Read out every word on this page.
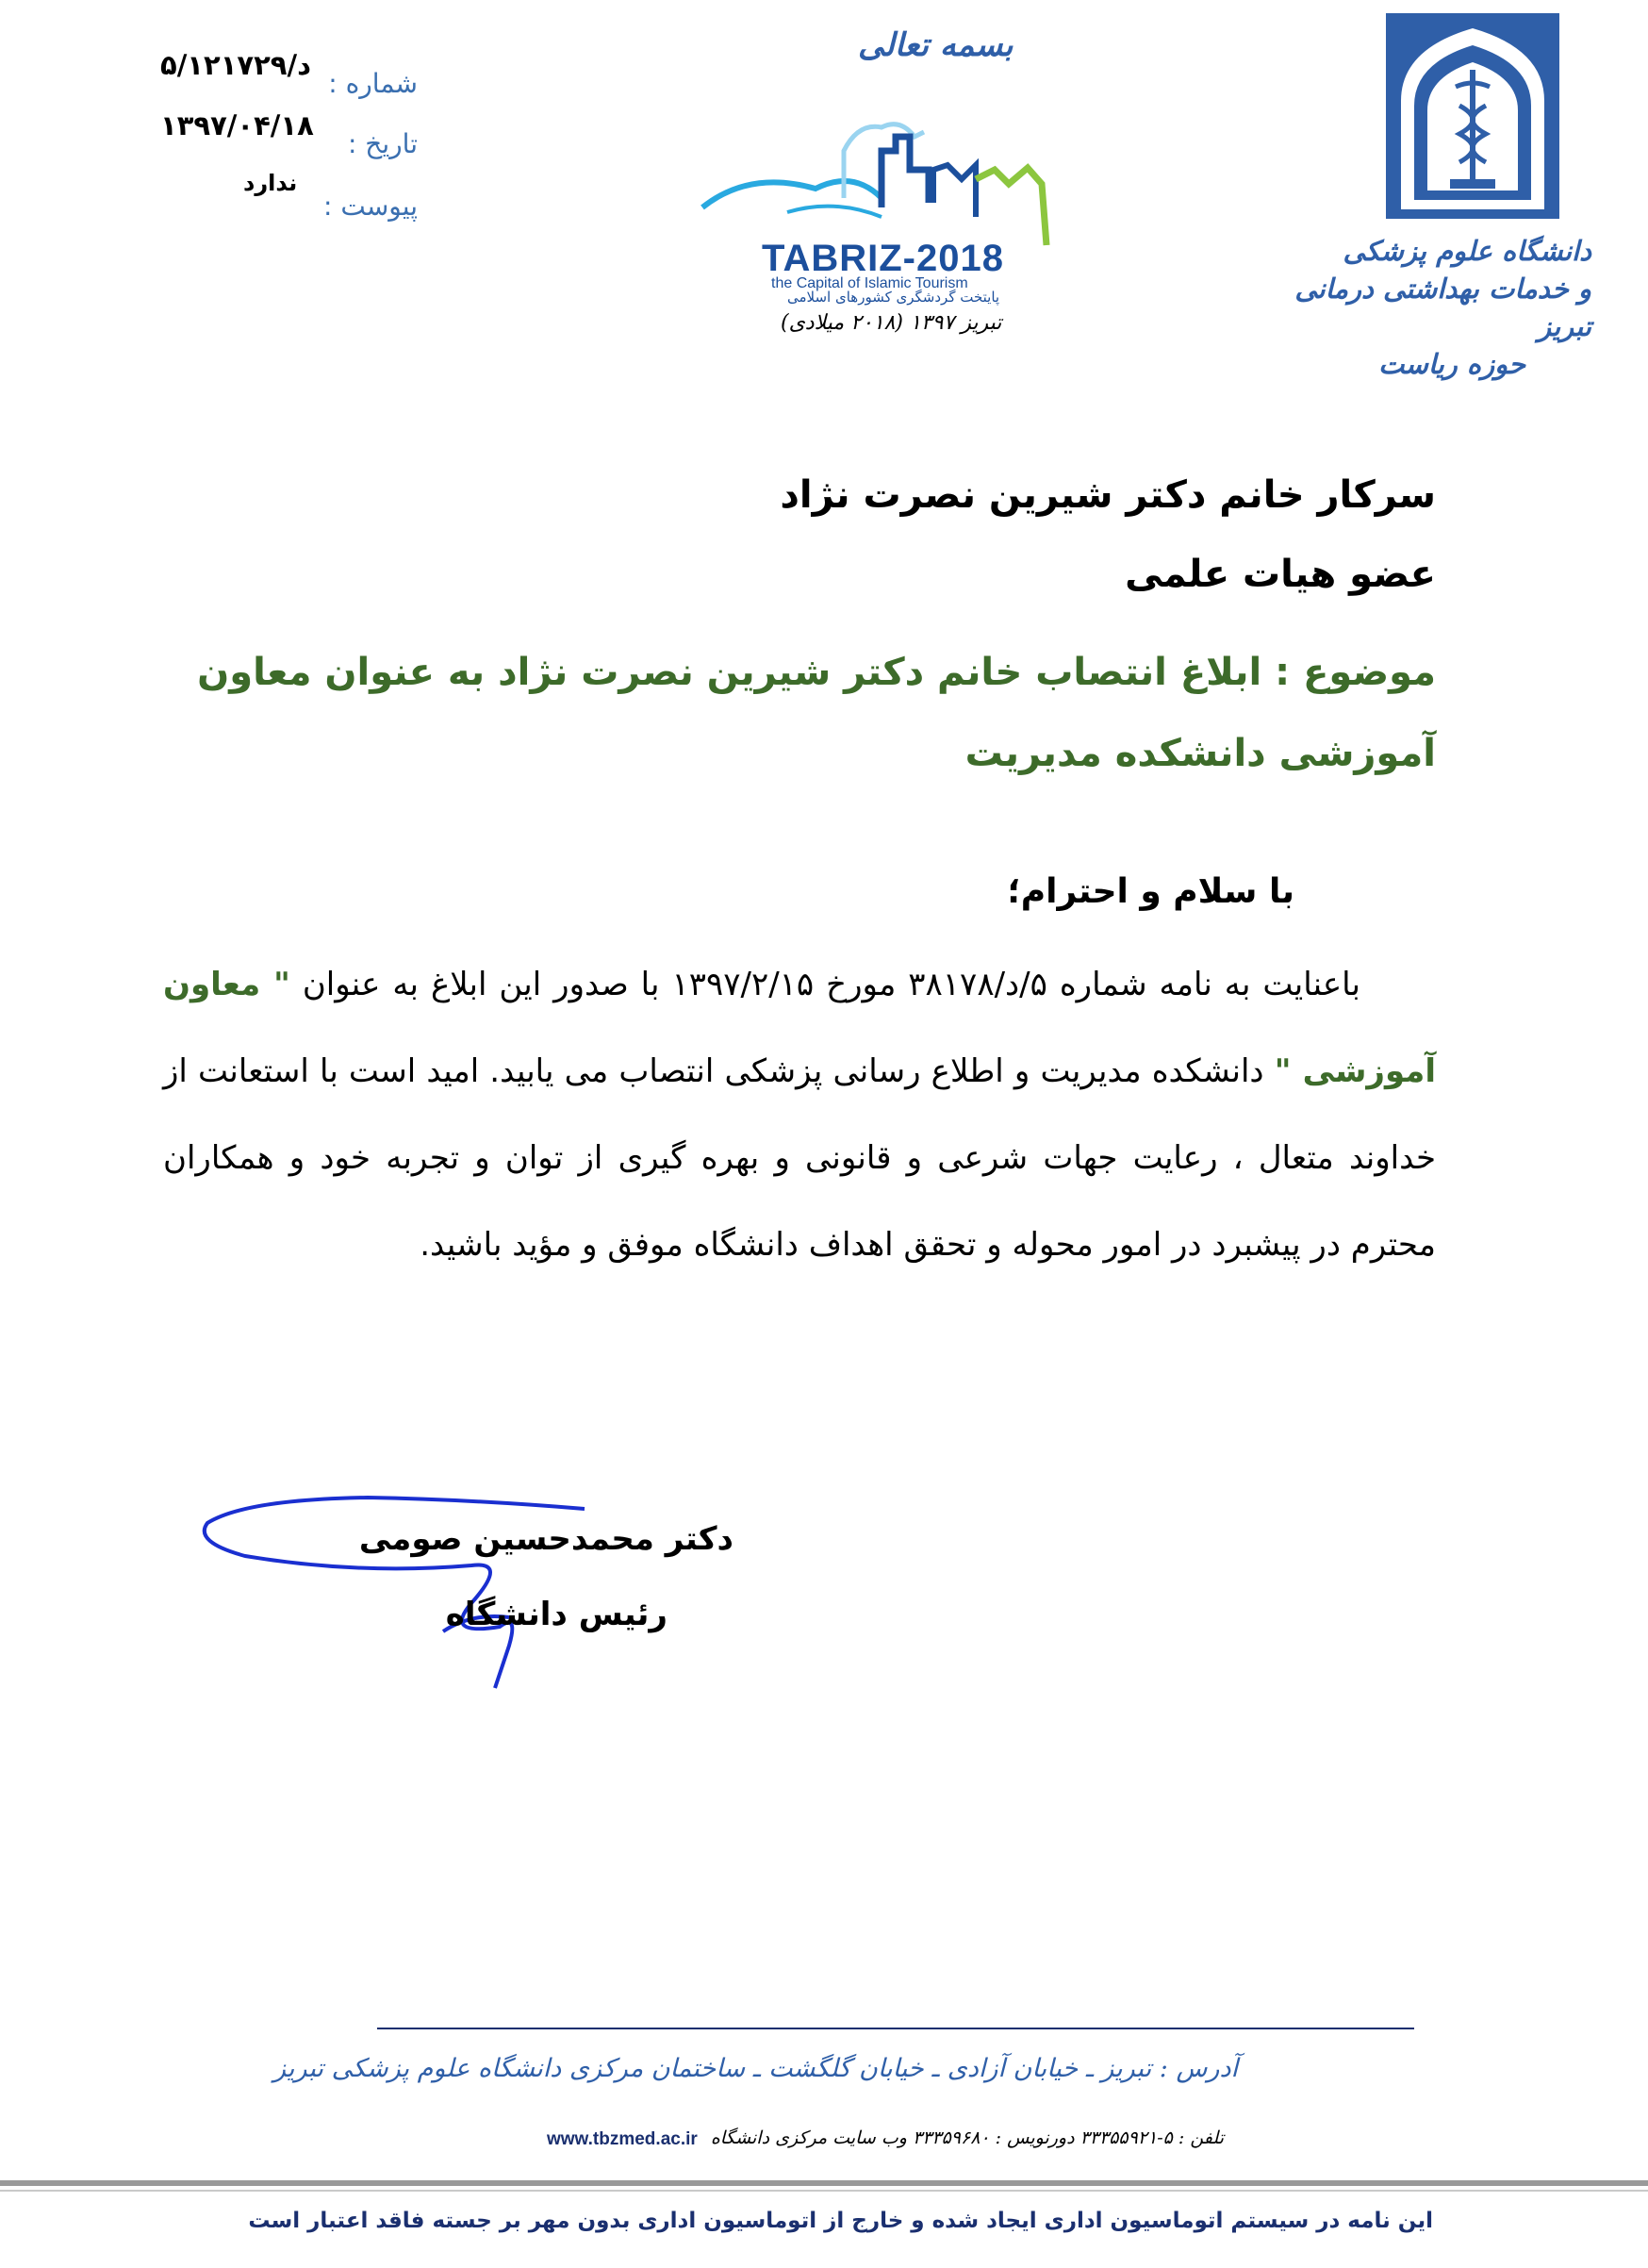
شماره :
۵/د/۱۲۱۷۲۹
تاریخ :
۱۳۹۷/۰۴/۱۸
پیوست :
ندارد
بسمه تعالی
TABRIZ-2018
the Capital of Islamic Tourism
پایتخت گردشگری کشورهای اسلامی
تبریز ۱۳۹۷ (۲۰۱۸ میلادی)
دانشگاه علوم پزشکی
و خدمات بهداشتی درمانی تبریز
حوزه ریاست
سرکار خانم دکتر شیرین نصرت نژاد
عضو هیات علمی
موضوع : ابلاغ انتصاب خانم دکتر شیرین نصرت نژاد به عنوان معاون آموزشی دانشکده مدیریت
با سلام و احترام؛
باعنایت به نامه شماره ۵/د/۳۸۱۷۸ مورخ ۱۳۹۷/۲/۱۵ با صدور این ابلاغ به عنوان " معاون آموزشی " دانشکده مدیریت و اطلاع رسانی پزشکی انتصاب می یابید. امید است با استعانت از خداوند متعال ، رعایت جهات شرعی و قانونی و بهره گیری از توان و تجربه خود و همکاران محترم در پیشبرد در امور محوله و تحقق اهداف دانشگاه موفق و مؤید باشید.
دکتر محمدحسین صومی
رئیس دانشگاه
آدرس : تبریز ـ خیابان آزادی ـ خیابان گلگشت ـ ساختمان مرکزی دانشگاه علوم پزشکی تبریز
تلفن : ۵-۳۳۳۵۵۹۲۱ دورنویس : ۳۳۳۵۹۶۸۰ وب سایت مرکزی دانشگاه
www.tbzmed.ac.ir
این نامه در سیستم اتوماسیون اداری ایجاد شده و خارج از اتوماسیون اداری بدون مهر بر جسته فاقد اعتبار است
